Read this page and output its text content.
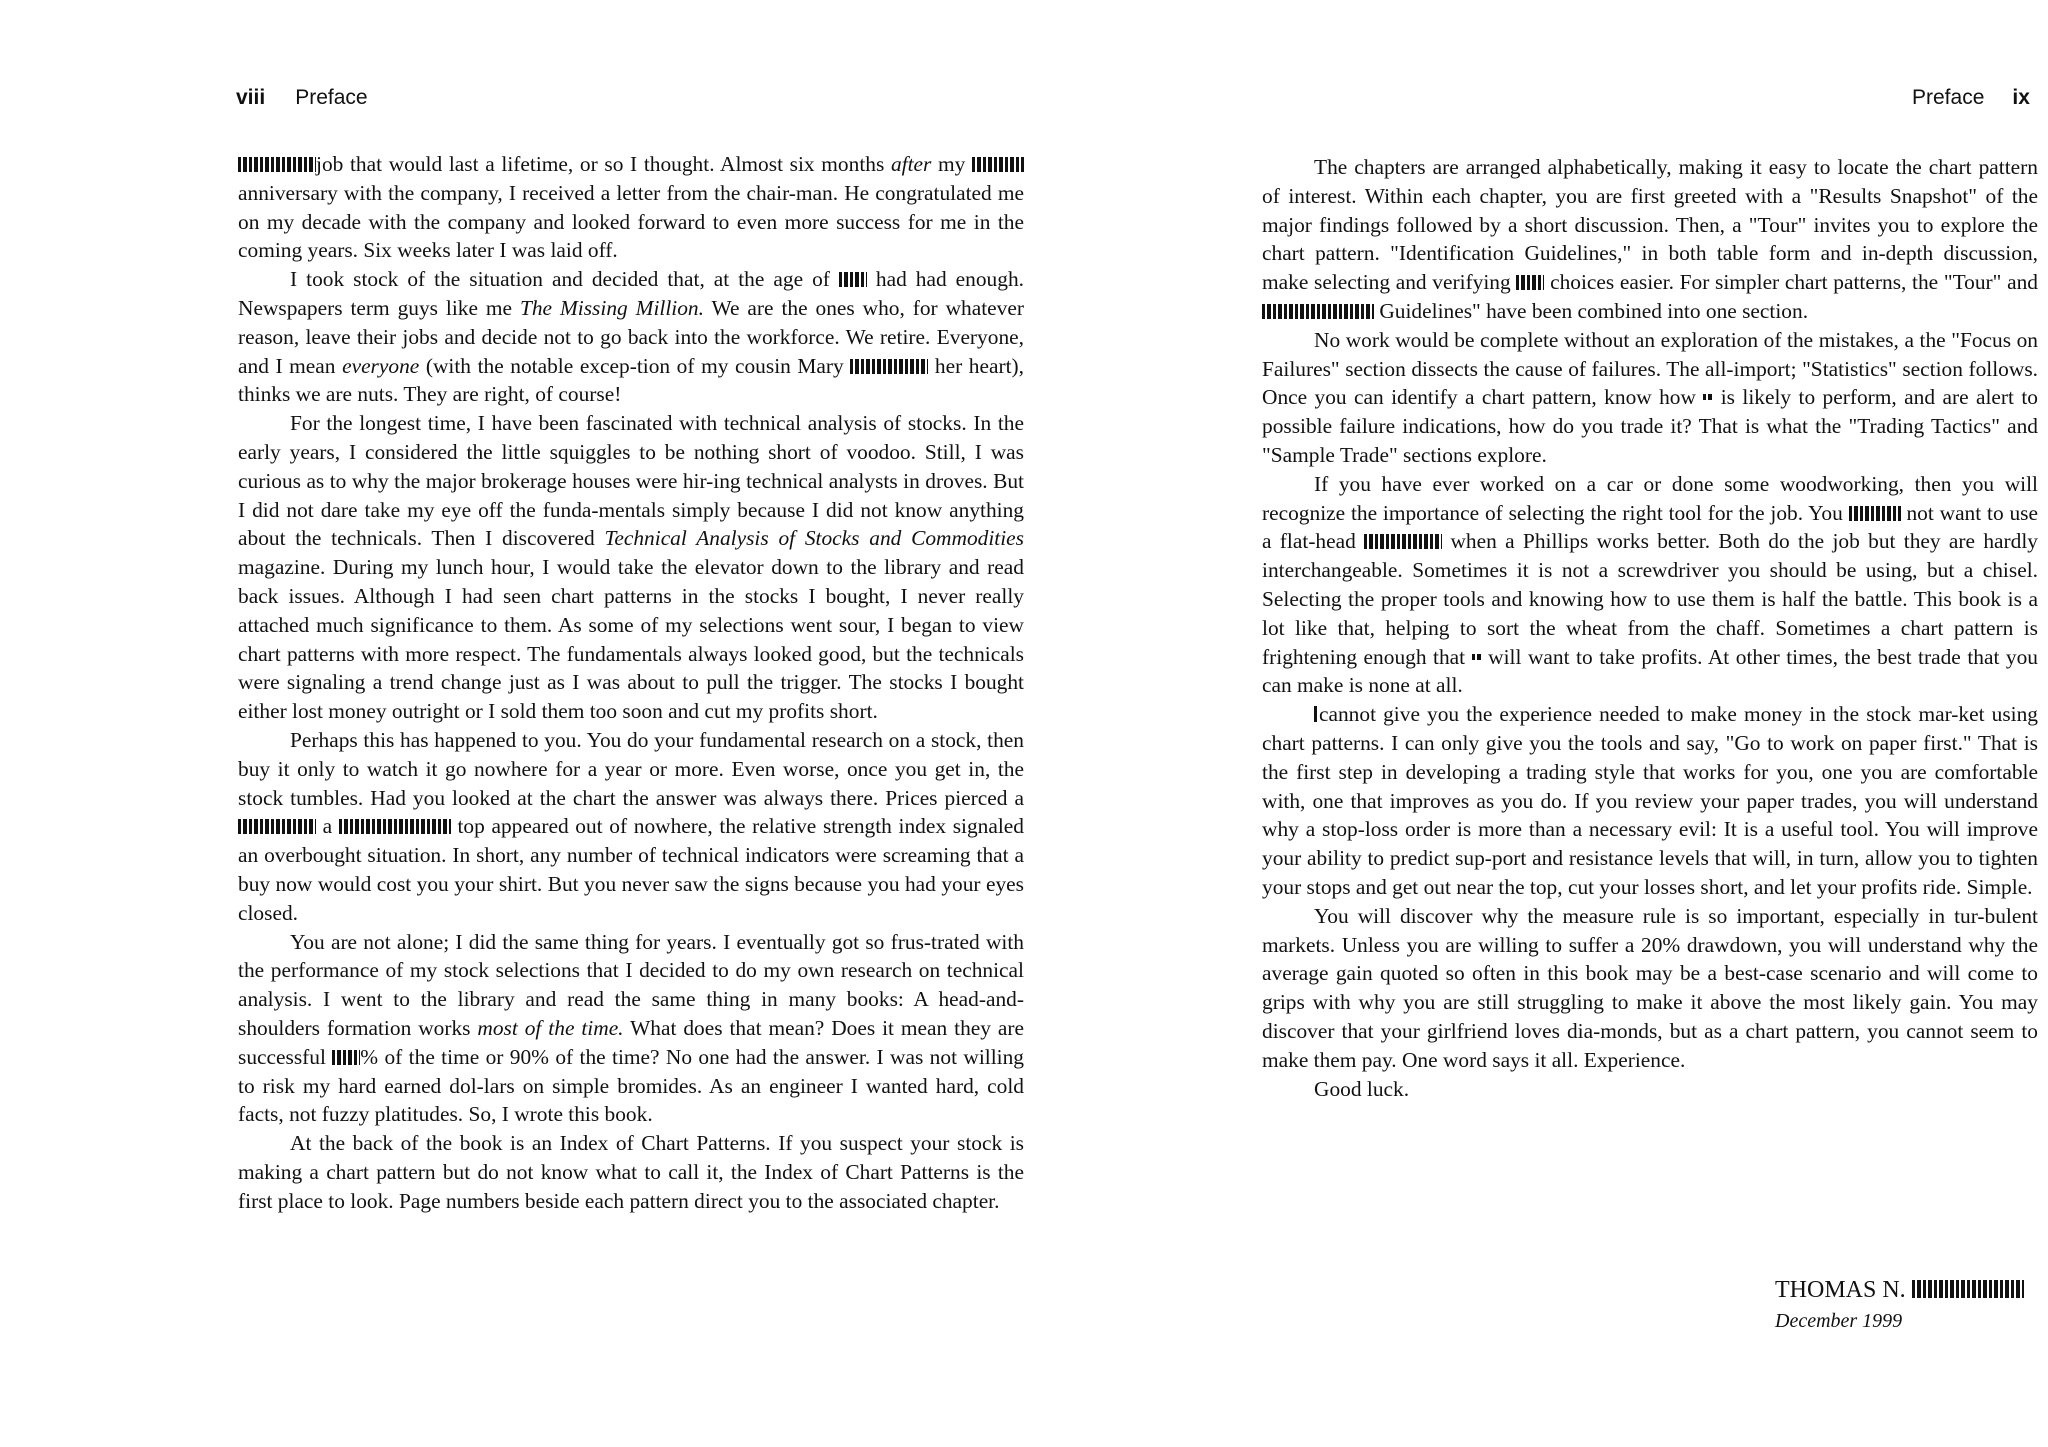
viii Preface

job that would last a lifetime, or so I thought. Almost six months after my  anniversary with the company, I received a letter from the chair-man. He congratulated me on my decade with the company and looked forward to even more success for me in the coming years. Six weeks later I was laid off.

I took stock of the situation and decided that, at the age of  had had enough. Newspapers term guys like me The Missing Million. We are the ones who, for whatever reason, leave their jobs and decide not to go back into the workforce. We retire. Everyone, and I mean everyone (with the notable excep-tion of my cousin Mary	her heart), thinks we are nuts. They are right, of course!

For the longest time, I have been fascinated with technical analysis of stocks. In the early years, I considered the little squiggles to be nothing short of voodoo. Still, I was curious as to why the major brokerage houses were hir-ing technical analysts in droves. But I did not dare take my eye off the funda-mentals simply because I did not know anything about the technicals. Then I discovered Technical Analysis of Stocks and Commodities magazine. During my lunch hour, I would take the elevator down to the library and read back issues. Although I had seen chart patterns in the stocks I bought, I never really attached much significance to them. As some of my selections went sour, I began to view chart patterns with more respect. The fundamentals always looked good, but the technicals were signaling a trend change just as I was about to pull the trigger. The stocks I bought either lost money outright or I sold them too soon and cut my profits short.

Perhaps this has happened to you. You do your fundamental research on a stock, then buy it only to watch it go nowhere for a year or more. Even worse, once you get in, the stock tumbles. Had you looked at the chart the answer was always there. Prices pierced a  a	top appeared out of nowhere, the relative strength index signaled an overbought situation. In short, any number of technical indicators were screaming that a buy now would cost you your shirt. But you never saw the signs because you had your eyes closed.

You are not alone; I did the same thing for years. I eventually got so frus-trated with the performance of my stock selections that I decided to do my own research on technical analysis. I went to the library and read the same thing in many books: A head-and-shoulders formation works most of the time. What does that mean? Does it mean they are successful % of the time or 90% of the time? No one had the answer. I was not willing to risk my hard earned dol-lars on simple bromides. As an engineer I wanted hard, cold facts, not fuzzy platitudes. So, I wrote this book.

At the back of the book is an Index of Chart Patterns. If you suspect your stock is making a chart pattern but do not know what to call it, the Index of Chart Patterns is the first place to look. Page numbers beside each pattern direct you to the associated chapter.

Preface ix

The chapters are arranged alphabetically, making it easy to locate the chart pattern of interest. Within each chapter, you are first greeted with a "Results Snapshot" of the major findings followed by a short discussion. Then, a "Tour" invites you to explore the chart pattern. "Identification Guidelines," in both table form and in-depth discussion, make selecting and verifying  choices easier. For simpler chart patterns, the "Tour" and  Guidelines" have been combined into one section.

No work would be complete without an exploration of the mistakes, a the "Focus on Failures" section dissects the cause of failures. The all-import; "Statistics" section follows. Once you can identify a chart pattern, know how  is likely to perform, and are alert to possible failure indications, how do you trade it? That is what the "Trading Tactics" and "Sample Trade" sections explore.

If you have ever worked on a car or done some woodworking, then you will recognize the importance of selecting the right tool for the job. You  not want to use a flat-head	when a Phillips works better. Both do the job but they are hardly interchangeable. Sometimes it is not a screwdriver you should be using, but a chisel. Selecting the proper tools and knowing how to use them is half the battle. This book is a lot like that, helping to sort the wheat from the chaff. Sometimes a chart pattern is frightening enough that  will want to take profits. At other times, the best trade that you can make is none at all.

cannot give you the experience needed to make money in the stock mar-ket using chart patterns. I can only give you the tools and say, "Go to work on paper first." That is the first step in developing a trading style that works for you, one you are comfortable with, one that improves as you do. If you review your paper trades, you will understand why a stop-loss order is more than a necessary evil: It is a useful tool. You will improve your ability to predict sup-port and resistance levels that will, in turn, allow you to tighten your stops and get out near the top, cut your losses short, and let your profits ride. Simple.

You will discover why the measure rule is so important, especially in tur-bulent markets. Unless you are willing to suffer a 20% drawdown, you will understand why the average gain quoted so often in this book may be a best-case scenario and will come to grips with why you are still struggling to make it above the most likely gain. You may discover that your girlfriend loves dia-monds, but as a chart pattern, you cannot seem to make them pay. One word says it all. Experience.

Good luck.

THOMAS N.
December 1999
